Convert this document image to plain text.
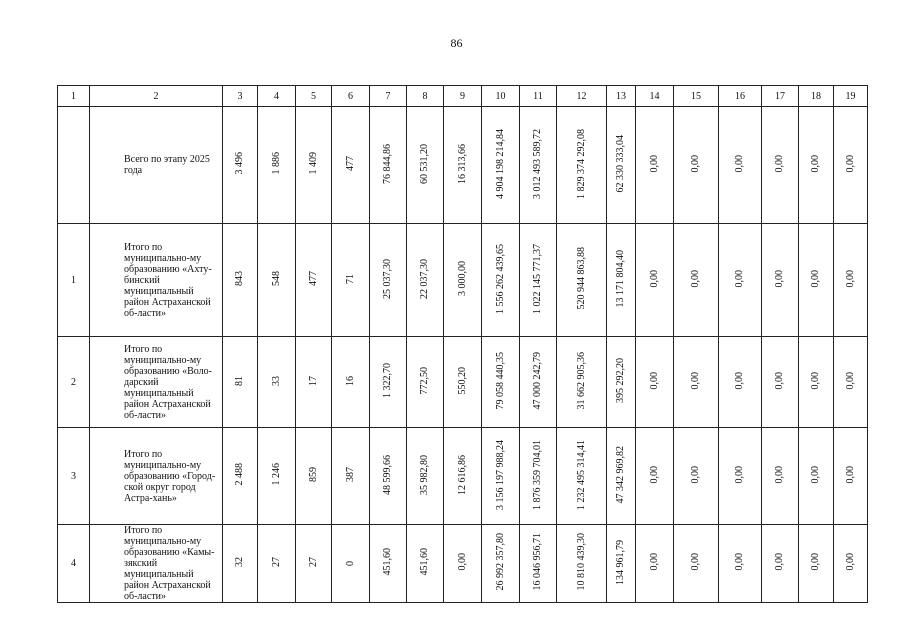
86
1	2	3	4	5	6	7	8	9	10	11	12	13	14	15	16	17	18	19
	Всего по этапу 2025 года	3 496	1 886	1 409	477	76 844,86	60 531,20	16 313,66	4 904 198 214,84	3 012 493 589,72	1 829 374 292,08	62 330 333,04	0,00	0,00	0,00	0,00	0,00	0,00
1	Итого по муниципально-му образованию «Ахту-бинский муниципальный район Астраханской об-ласти»	843	548	477	71	25 037,30	22 037,30	3 000,00	1 556 262 439,65	1 022 145 771,37	520 944 863,88	13 171 804,40	0,00	0,00	0,00	0,00	0,00	0,00
2	Итого по муниципально-му образованию «Воло-дарский муниципальный район Астраханской об-ласти»	81	33	17	16	1 322,70	772,50	550,20	79 058 440,35	47 000 242,79	31 662 905,36	395 292,20	0,00	0,00	0,00	0,00	0,00	0,00
3	Итого по муниципально-му образованию «Город-ской округ город Астра-хань»	2 488	1 246	859	387	48 599,66	35 982,80	12 616,86	3 156 197 988,24	1 876 359 704,01	1 232 495 314,41	47 342 969,82	0,00	0,00	0,00	0,00	0,00	0,00
4	Итого по муниципально-му образованию «Камы-зякский муниципальный район Астраханской об-ласти»	32	27	27	0	451,60	451,60	0,00	26 992 357,80	16 046 956,71	10 810 439,30	134 961,79	0,00	0,00	0,00	0,00	0,00	0,00
